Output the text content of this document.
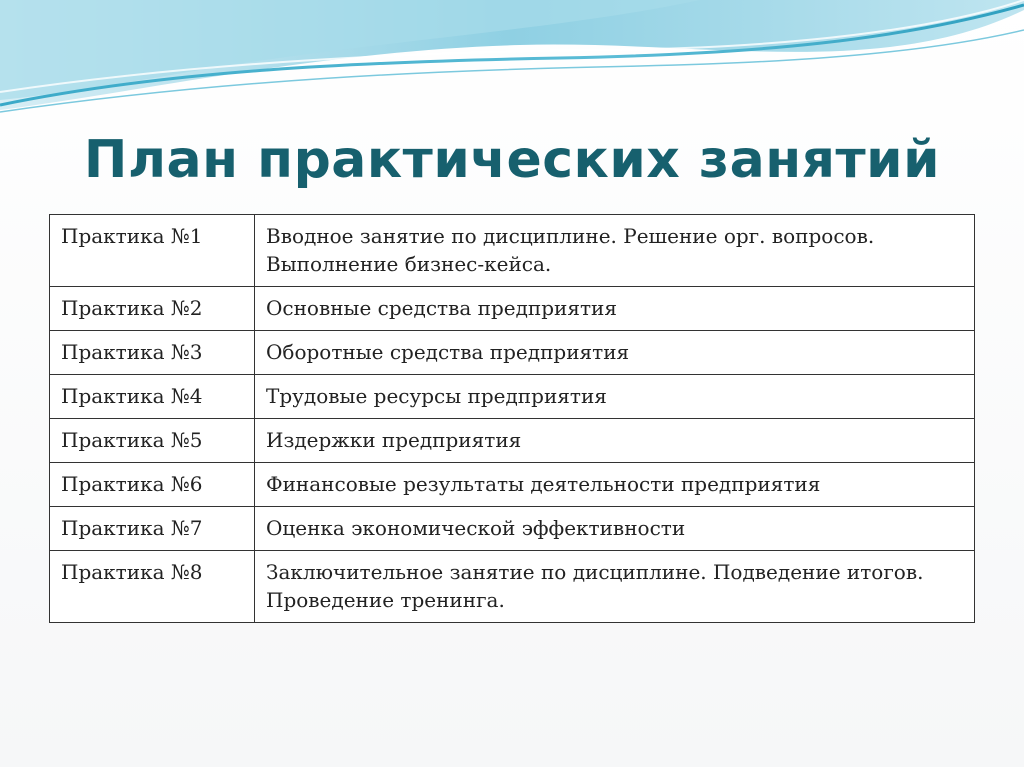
План практических занятий
Практика №1	Вводное занятие по дисциплине. Решение орг. вопросов. Выполнение бизнес-кейса.
Практика №2	Основные средства предприятия
Практика №3	Оборотные средства предприятия
Практика №4	Трудовые ресурсы предприятия
Практика №5	Издержки предприятия
Практика №6	Финансовые результаты деятельности предприятия
Практика №7	Оценка экономической эффективности
Практика №8	Заключительное занятие по дисциплине. Подведение итогов. Проведение тренинга.
